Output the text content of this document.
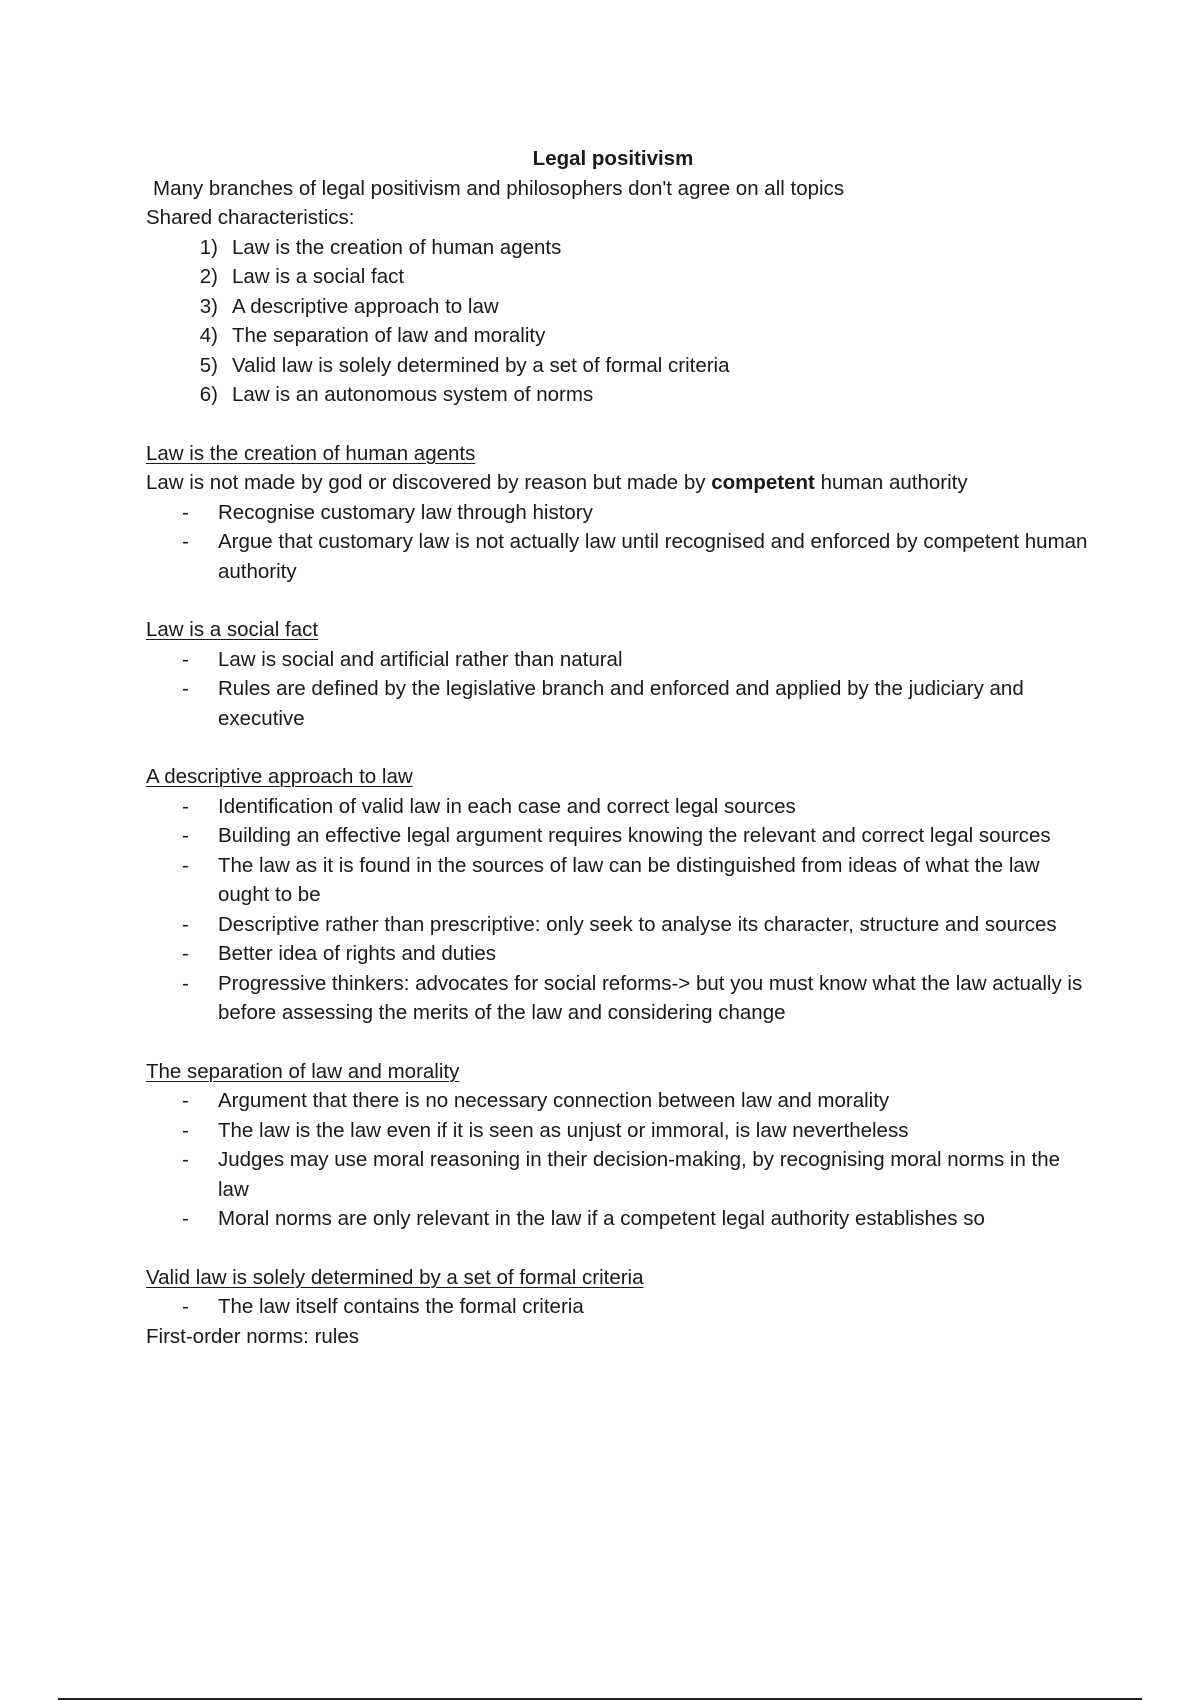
Legal positivism
Many branches of legal positivism and philosophers don't agree on all topics
Shared characteristics:
1) Law is the creation of human agents
2) Law is a social fact
3) A descriptive approach to law
4) The separation of law and morality
5) Valid law is solely determined by a set of formal criteria
6) Law is an autonomous system of norms
Law is the creation of human agents
Law is not made by god or discovered by reason but made by competent human authority
-	Recognise customary law through history
-	Argue that customary law is not actually law until recognised and enforced by competent human authority
Law is a social fact
-	Law is social and artificial rather than natural
-	Rules are defined by the legislative branch and enforced and applied by the judiciary and executive
A descriptive approach to law
-	Identification of valid law in each case and correct legal sources
-	Building an effective legal argument requires knowing the relevant and correct legal sources
-	The law as it is found in the sources of law can be distinguished from ideas of what the law ought to be
-	Descriptive rather than prescriptive: only seek to analyse its character, structure and sources
-	Better idea of rights and duties
-	Progressive thinkers: advocates for social reforms-> but you must know what the law actually is before assessing the merits of the law and considering change
The separation of law and morality
-	Argument that there is no necessary connection between law and morality
-	The law is the law even if it is seen as unjust or immoral, is law nevertheless
-	Judges may use moral reasoning in their decision-making, by recognising moral norms in the law
-	Moral norms are only relevant in the law if a competent legal authority establishes so
Valid law is solely determined by a set of formal criteria
-	The law itself contains the formal criteria
First-order norms: rules
